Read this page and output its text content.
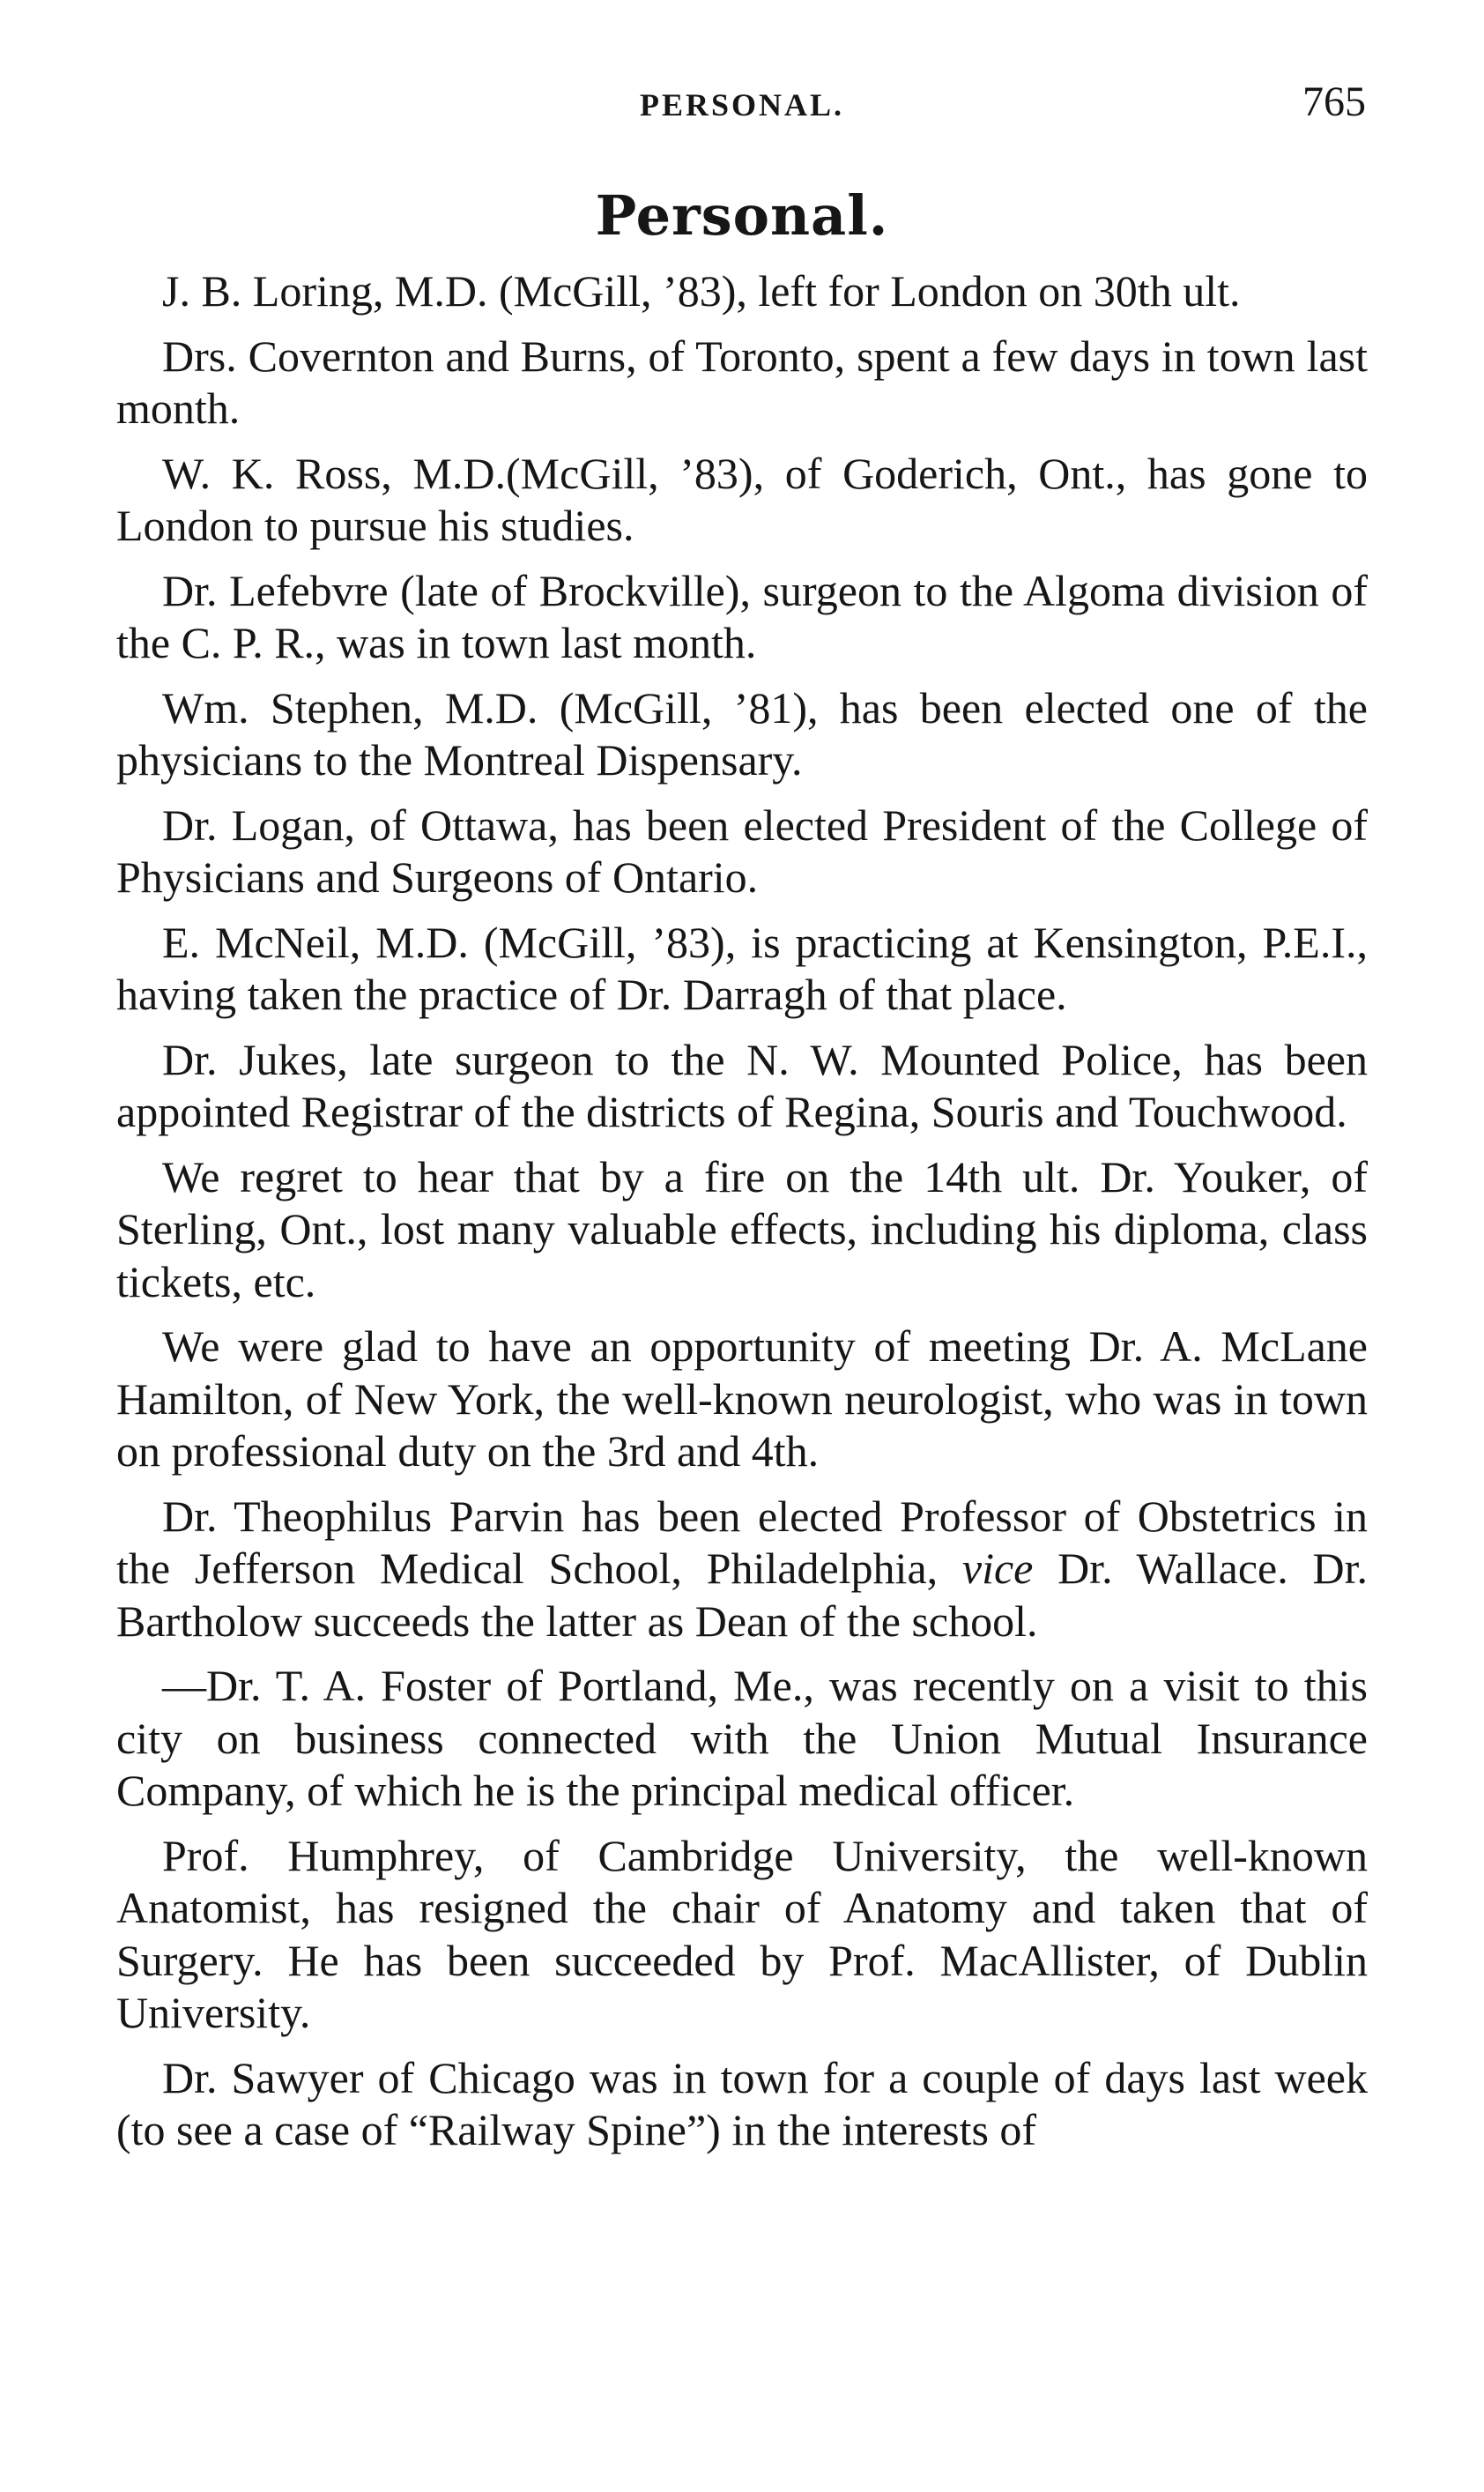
PERSONAL.	765
Personal.

J. B. Loring, M.D. (McGill, ’83), left for London on 30th ult.

Drs. Covernton and Burns, of Toronto, spent a few days in town last month.

W. K. Ross, M.D.(McGill, ’83), of Goderich, Ont., has gone to London to pursue his studies.

Dr. Lefebvre (late of Brockville), surgeon to the Algoma division of the C. P. R., was in town last month.

Wm. Stephen, M.D. (McGill, ’81), has been elected one of the physicians to the Montreal Dispensary.

Dr. Logan, of Ottawa, has been elected President of the College of Physicians and Surgeons of Ontario.

E. McNeil, M.D. (McGill, ’83), is practicing at Kensington, P.E.I., having taken the practice of Dr. Darragh of that place.

Dr. Jukes, late surgeon to the N. W. Mounted Police, has been appointed Registrar of the districts of Regina, Souris and Touchwood.

We regret to hear that by a fire on the 14th ult. Dr. Youker, of Sterling, Ont., lost many valuable effects, including his diploma, class tickets, etc.

We were glad to have an opportunity of meeting Dr. A. McLane Hamilton, of New York, the well-known neurologist, who was in town on professional duty on the 3rd and 4th.

Dr. Theophilus Parvin has been elected Professor of Obstetrics in the Jefferson Medical School, Philadelphia, vice Dr. Wallace. Dr. Bartholow succeeds the latter as Dean of the school.

—Dr. T. A. Foster of Portland, Me., was recently on a visit to this city on business connected with the Union Mutual Insurance Company, of which he is the principal medical officer.

Prof. Humphrey, of Cambridge University, the well-known Anatomist, has resigned the chair of Anatomy and taken that of Surgery. He has been succeeded by Prof. MacAllister, of Dublin University.

Dr. Sawyer of Chicago was in town for a couple of days last week (to see a case of “Railway Spine”) in the interests of
